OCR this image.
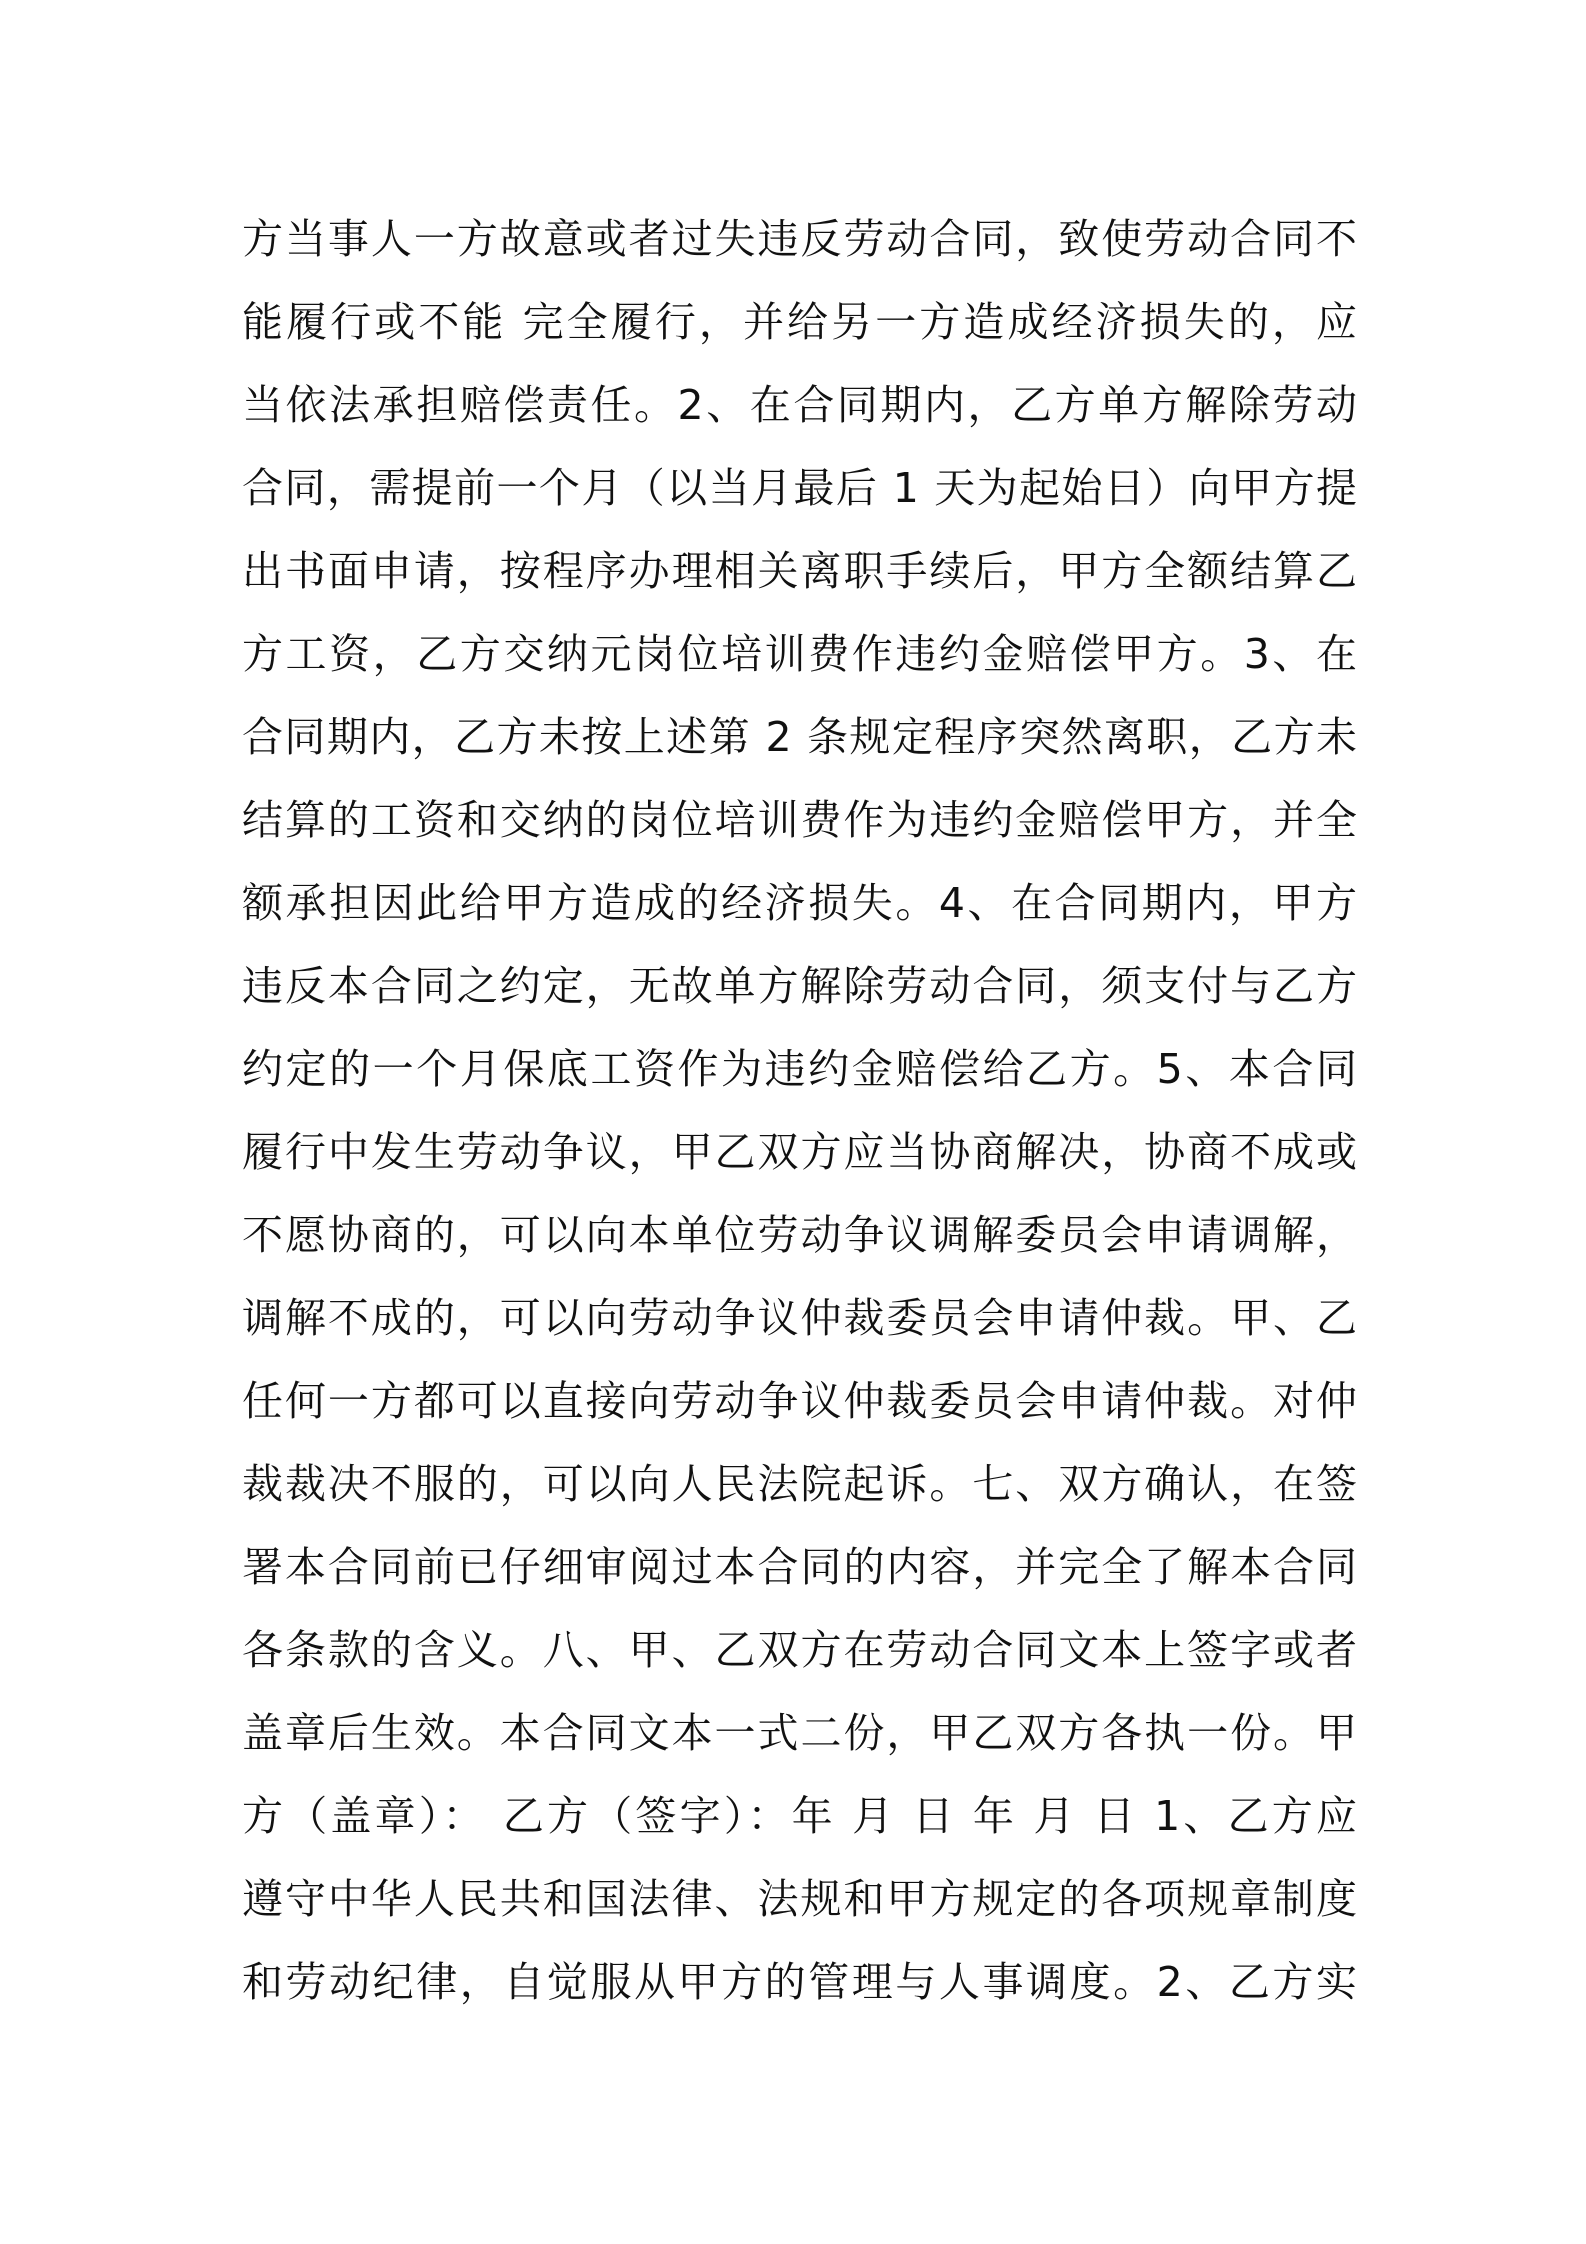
方当事人一方故意或者过失违反劳动合同，致使劳动合同不
能履行或不能 完全履行，并给另一方造成经济损失的，应
当依法承担赔偿责任。2、在合同期内，乙方单方解除劳动
合同，需提前一个月（以当月最后 1 天为起始日）向甲方提
出书面申请，按程序办理相关离职手续后，甲方全额结算乙
方工资，乙方交纳元岗位培训费作违约金赔偿甲方。3、在
合同期内，乙方未按上述第 2 条规定程序突然离职，乙方未
结算的工资和交纳的岗位培训费作为违约金赔偿甲方，并全
额承担因此给甲方造成的经济损失。4、在合同期内，甲方
违反本合同之约定，无故单方解除劳动合同，须支付与乙方
约定的一个月保底工资作为违约金赔偿给乙方。5、本合同
履行中发生劳动争议，甲乙双方应当协商解决，协商不成或
不愿协商的，可以向本单位劳动争议调解委员会申请调解，
调解不成的，可以向劳动争议仲裁委员会申请仲裁。甲、乙
任何一方都可以直接向劳动争议仲裁委员会申请仲裁。对仲
裁裁决不服的，可以向人民法院起诉。七、双方确认，在签
署本合同前已仔细审阅过本合同的内容，并完全了解本合同
各条款的含义。八、甲、乙双方在劳动合同文本上签字或者
盖章后生效。本合同文本一式二份，甲乙双方各执一份。甲
方（盖章）： 乙方（签字）：年 月 日 年 月 日 1、乙方应
遵守中华人民共和国法律、法规和甲方规定的各项规章制度
和劳动纪律，自觉服从甲方的管理与人事调度。2、乙方实
